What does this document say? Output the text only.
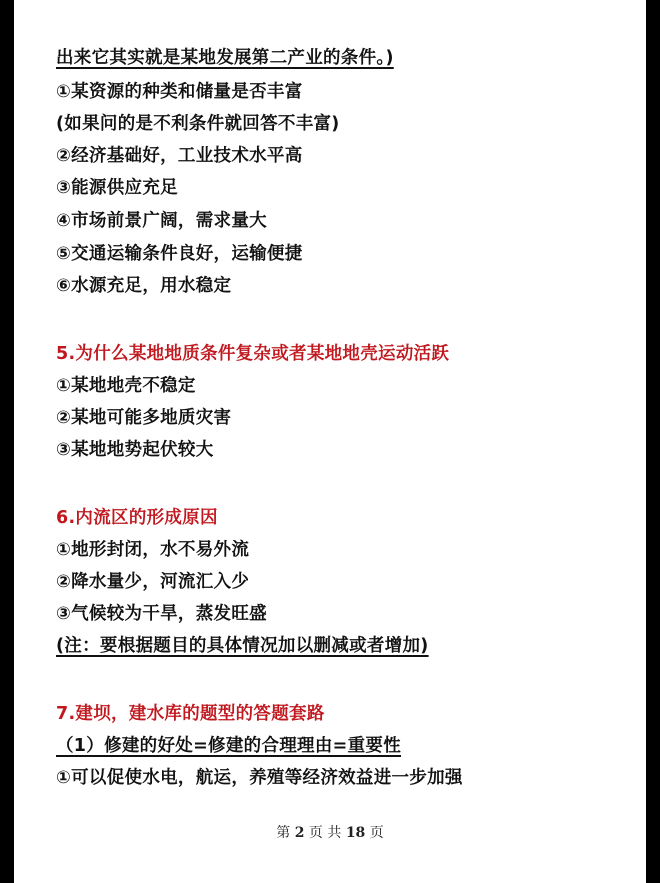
出来它其实就是某地发展第二产业的条件。)
①某资源的种类和储量是否丰富
(如果问的是不利条件就回答不丰富)
②经济基础好，工业技术水平高
③能源供应充足
④市场前景广阔，需求量大
⑤交通运输条件良好，运输便捷
⑥水源充足，用水稳定
5.为什么某地地质条件复杂或者某地地壳运动活跃
①某地地壳不稳定
②某地可能多地质灾害
③某地地势起伏较大
6.内流区的形成原因
①地形封闭，水不易外流
②降水量少，河流汇入少
③气候较为干旱，蒸发旺盛
(注：要根据题目的具体情况加以删减或者增加)
7.建坝，建水库的题型的答题套路
（1）修建的好处=修建的合理理由=重要性
①可以促使水电，航运，养殖等经济效益进一步加强
第 2 页 共 18 页
